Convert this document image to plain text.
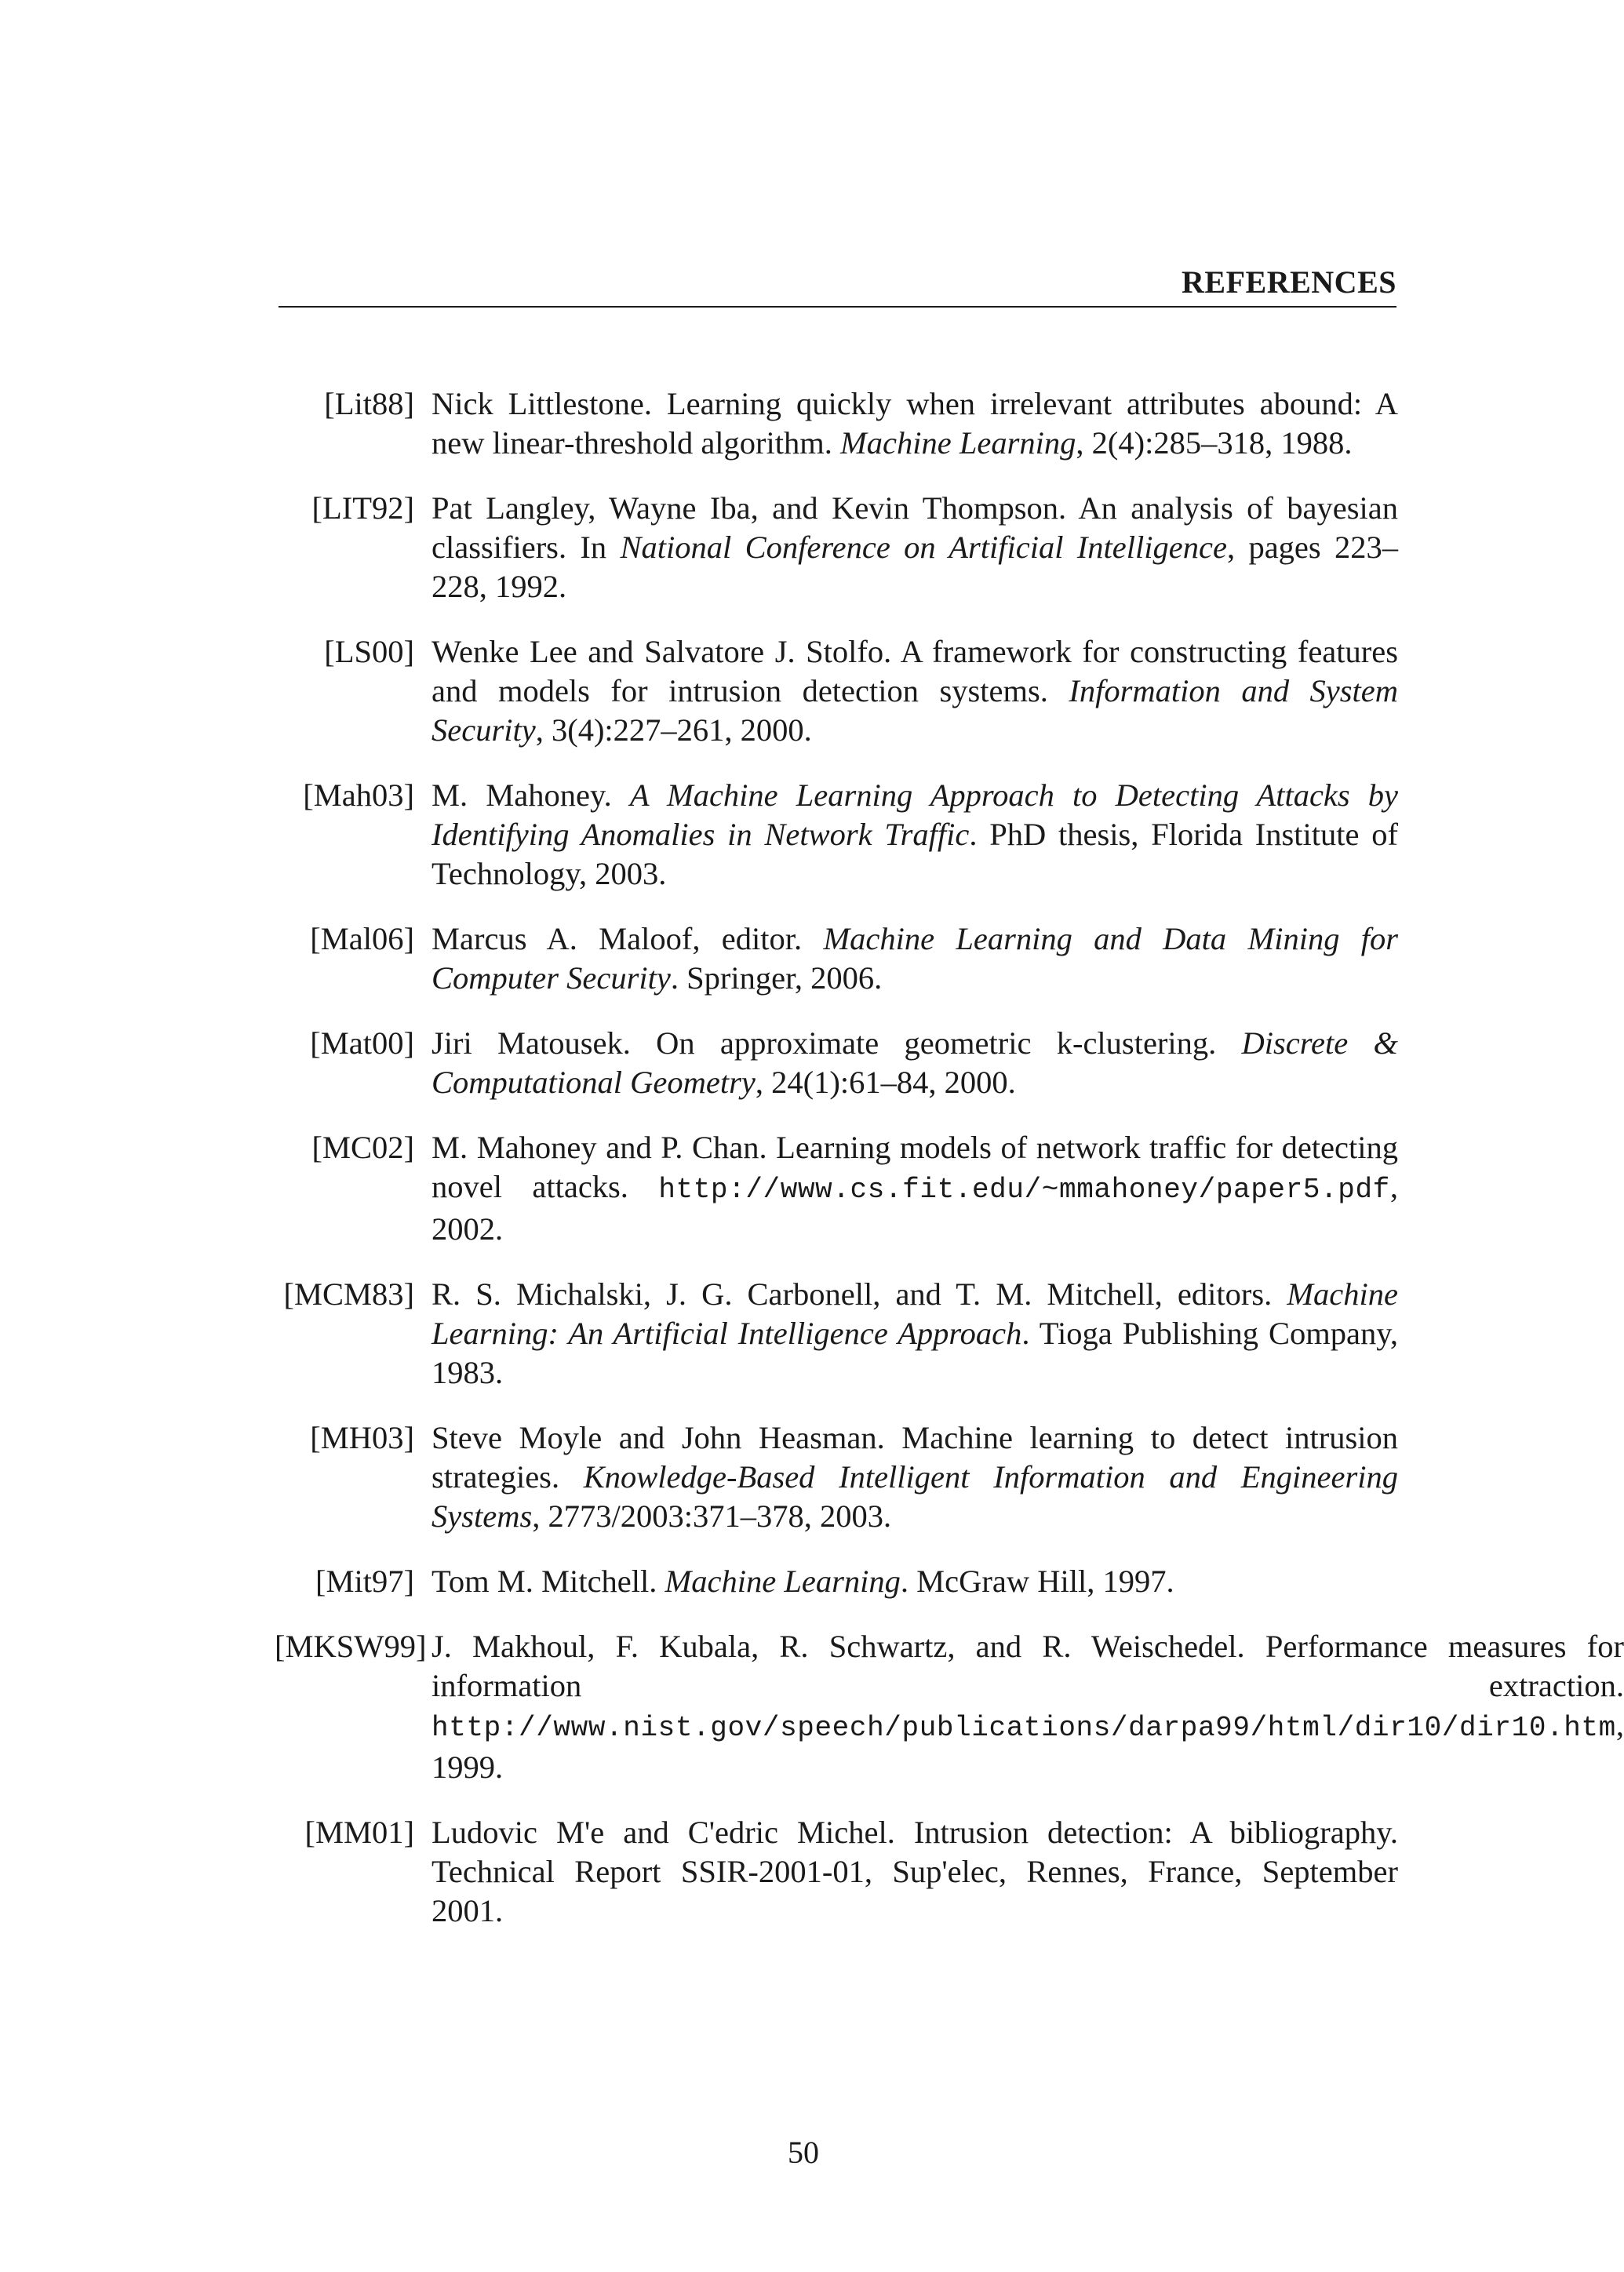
REFERENCES
[Lit88] Nick Littlestone. Learning quickly when irrelevant attributes abound: A new linear-threshold algorithm. Machine Learning, 2(4):285–318, 1988.
[LIT92] Pat Langley, Wayne Iba, and Kevin Thompson. An analysis of bayesian classifiers. In National Conference on Artificial Intelligence, pages 223–228, 1992.
[LS00] Wenke Lee and Salvatore J. Stolfo. A framework for constructing features and models for intrusion detection systems. Information and System Security, 3(4):227–261, 2000.
[Mah03] M. Mahoney. A Machine Learning Approach to Detecting Attacks by Identifying Anomalies in Network Traffic. PhD thesis, Florida Institute of Technology, 2003.
[Mal06] Marcus A. Maloof, editor. Machine Learning and Data Mining for Computer Security. Springer, 2006.
[Mat00] Jiri Matousek. On approximate geometric k-clustering. Discrete & Computational Geometry, 24(1):61–84, 2000.
[MC02] M. Mahoney and P. Chan. Learning models of network traffic for detecting novel attacks. http://www.cs.fit.edu/~mmahoney/paper5.pdf, 2002.
[MCM83] R. S. Michalski, J. G. Carbonell, and T. M. Mitchell, editors. Machine Learning: An Artificial Intelligence Approach. Tioga Publishing Company, 1983.
[MH03] Steve Moyle and John Heasman. Machine learning to detect intrusion strategies. Knowledge-Based Intelligent Information and Engineering Systems, 2773/2003:371–378, 2003.
[Mit97] Tom M. Mitchell. Machine Learning. McGraw Hill, 1997.
[MKSW99] J. Makhoul, F. Kubala, R. Schwartz, and R. Weischedel. Performance measures for information extraction. http://www.nist.gov/speech/publications/darpa99/html/dir10/dir10.htm, 1999.
[MM01] Ludovic M'e and C'edric Michel. Intrusion detection: A bibliography. Technical Report SSIR-2001-01, Sup'elec, Rennes, France, September 2001.
50
